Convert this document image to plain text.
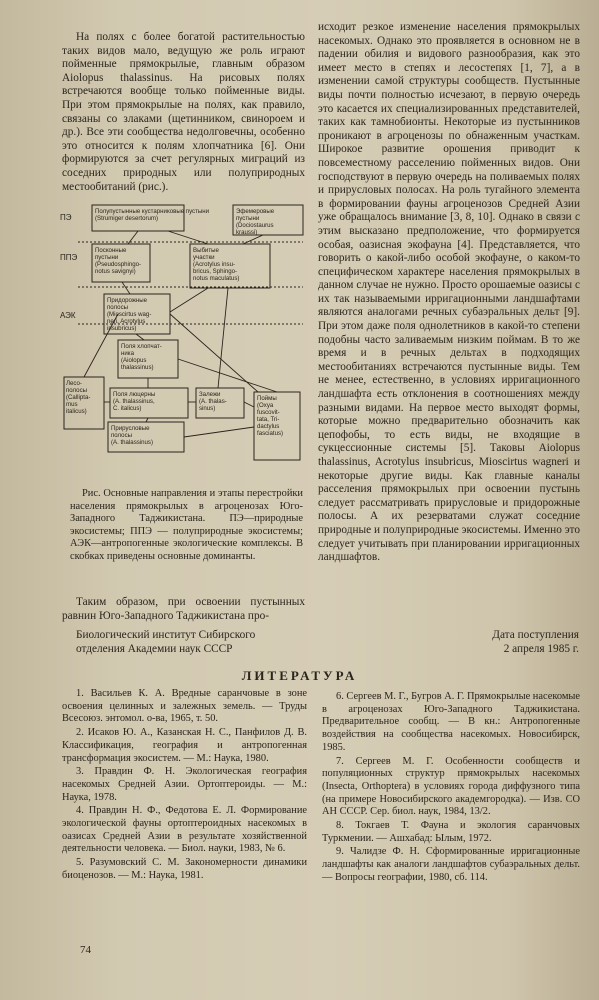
На полях с более богатой растительностью таких видов мало, ведущую же роль играют пойменные прямокрылые, главным образом Aiolopus thalassinus. На рисовых полях встречаются вообще только пойменные виды. При этом прямокрылые на полях, как правило, связаны со злаками (щетинником, свинороем и др.). Все эти сообщества недолговечны, особенно это относится к полям хлопчатника [6]. Они формируются за счет регулярных миграций из соседних природных или полуприродных местообитаний (рис.).

ПЭ
ППЭ
АЭК
Полупустынные кустарниковые пустыни
(Strumiger desertorum)
Эфемеровые
пустыни
(Dociostaurus
kraussi)
Посконные
пустыни
(Pseudosphingo-
notus savignyi)
Выбитые
участки
(Acrotylus insu-
bricus, Sphingo-
notus maculatus)
Придорожные
полосы
(Mioscirtus wag-
neri, Acrotylus
insubricus)
Поля хлопчат-
ника
(Aiolopus
thalassinus)
Лесо-
полосы
(Callipta-
mus
italicus)
Поля люцерны
(A. thalassinus,
C. italicus)
Залежи
(A. thalas-
sinus)
Прирусловые
полосы
(A. thalassinus)
Поймы
(Oxya
fuscovit-
tata, Tri-
dactylus
fasciatus)

Рис. Основные направления и этапы перестройки населения прямокрылых в агроценозах Юго-Западного Таджикистана. ПЭ—природные экосистемы; ППЭ — полуприродные экосистемы; АЭК—антропогенные экологические комплексы. В скобках приведены основные доминанты.

Таким образом, при освоении пустынных равнин Юго-Западного Таджикистана про-

исходит резкое изменение населения прямокрылых насекомых. Однако это проявляется в основном не в падении обилия и видового разнообразия, как это имеет место в степях и лесостепях [1, 7], а в изменении самой структуры сообществ. Пустынные виды почти полностью исчезают, в первую очередь это касается их специализированных представителей, таких как тамнобионты. Некоторые из пустынников проникают в агроценозы по обнаженным участкам. Широкое развитие орошения приводит к повсеместному расселению пойменных видов. Они господствуют в первую очередь на поливаемых полях и прирусловых полосах. На роль тугайного элемента в формировании фауны агроценозов Средней Азии уже обращалось внимание [3, 8, 10]. Однако в связи с этим высказано предположение, что формируется особая, оазисная экофауна [4]. Представляется, что говорить о какой-либо особой экофауне, о каком-то специфическом характере населения прямокрылых в данном случае не нужно. Просто орошаемые оазисы с их так называемыми ирригационными ландшафтами являются аналогами речных субаэральных дельт [9]. При этом даже поля однолетников в какой-то степени подобны часто заливаемым низким поймам. В то же время и в речных дельтах в подходящих местообитаниях встречаются пустынные виды. Тем не менее, естественно, в условиях ирригационного ландшафта есть отклонения в соотношениях между разными видами. На первое место выходят формы, которые можно предварительно обозначить как цепофобы, то есть виды, не входящие в сукцессионные системы [5]. Таковы Aiolopus thalassinus, Acrotylus insubricus, Mioscirtus wagneri и некоторые другие виды. Как главные каналы расселения прямокрылых при освоении пустынь следует рассматривать прирусловые и придорожные полосы. А их резерватами служат соседние природные и полуприродные экосистемы. Именно это следует учитывать при планировании ирригационных ландшафтов.

Биологический институт Сибирского
отделения Академии наук СССР
Дата поступления
2 апреля 1985 г.
ЛИТЕРАТУРА

1. Васильев К. А. Вредные саранчовые в зоне освоения целинных и залежных земель. — Труды Всесоюз. энтомол. о-ва, 1965, т. 50.

2. Исаков Ю. А., Казанская Н. С., Панфилов Д. В. Классификация, география и антропогенная трансформация экосистем. — М.: Наука, 1980.

3. Правдин Ф. Н. Экологическая география насекомых Средней Азии. Ортоптероиды. — М.: Наука, 1978.

4. Правдин Н. Ф., Федотова Е. Л. Формирование экологической фауны ортоптероидных насекомых в оазисах Средней Азии в результате хозяйственной деятельности человека. — Биол. науки, 1983, № 6.

5. Разумовский С. М. Закономерности динамики биоценозов. — М.: Наука, 1981.

6. Сергеев М. Г., Бугров А. Г. Прямокрылые насекомые в агроценозах Юго-Западного Таджикистана. Предварительное сообщ. — В кн.: Антропогенные воздействия на сообщества насекомых. Новосибирск, 1985.

7. Сергеев М. Г. Особенности сообществ и популяционных структур прямокрылых насекомых (Insecta, Orthoptera) в условиях города диффузного типа (на примере Новосибирского академгородка). — Изв. СО АН СССР. Сер. биол. наук, 1984, 13/2.

8. Токгаев Т. Фауна и экология саранчовых Туркмении. — Ашхабад: Ылым, 1972.

9. Чалидзе Ф. Н. Сформированные ирригационные ландшафты как аналоги ландшафтов субаэральных дельт. — Вопросы географии, 1980, сб. 114.

74
